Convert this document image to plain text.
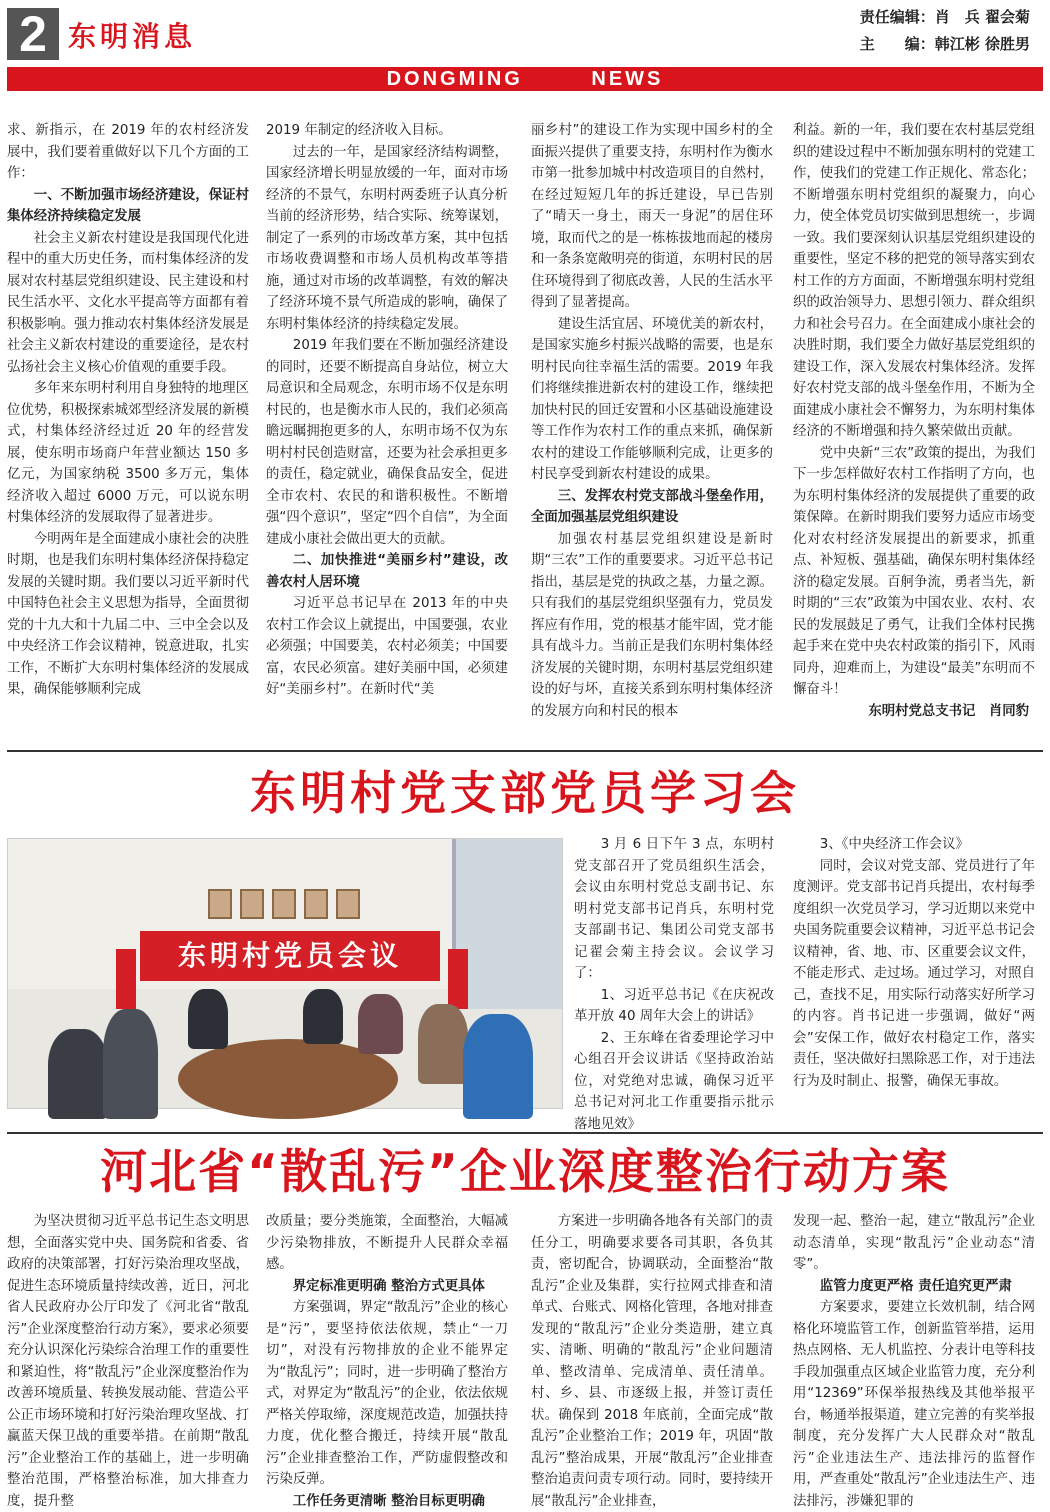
2 东明消息
责任编辑：肖　兵 翟会菊
主　　编：韩江彬 徐胜男
DONGMING NEWS

求、新指示，在 2019 年的农村经济发展中，我们要着重做好以下几个方面的工作：

一、不断加强市场经济建设，保证村集体经济持续稳定发展

社会主义新农村建设是我国现代化进程中的重大历史任务，而村集体经济的发展对农村基层党组织建设、民主建设和村民生活水平、文化水平提高等方面都有着积极影响。强力推动农村集体经济发展是社会主义新农村建设的重要途径，是农村弘扬社会主义核心价值观的重要手段。

多年来东明村利用自身独特的地理区位优势，积极探索城郊型经济发展的新模式，村集体经济经过近 20 年的经营发展，使东明市场商户年营业额达 150 多亿元，为国家纳税 3500 多万元，集体经济收入超过 6000 万元，可以说东明村集体经济的发展取得了显著进步。

今明两年是全面建成小康社会的决胜时期，也是我们东明村集体经济保持稳定发展的关键时期。我们要以习近平新时代中国特色社会主义思想为指导，全面贯彻党的十九大和十九届二中、三中全会以及中央经济工作会议精神，锐意进取，扎实工作，不断扩大东明村集体经济的发展成果，确保能够顺利完成

2019 年制定的经济收入目标。

过去的一年，是国家经济结构调整，国家经济增长明显放缓的一年，面对市场经济的不景气，东明村两委班子认真分析当前的经济形势，结合实际、统筹谋划，制定了一系列的市场改革方案，其中包括市场收费调整和市场人员机构改革等措施，通过对市场的改革调整，有效的解决了经济环境不景气所造成的影响，确保了东明村集体经济的持续稳定发展。

2019 年我们要在不断加强经济建设的同时，还要不断提高自身站位，树立大局意识和全局观念，东明市场不仅是东明村民的，也是衡水市人民的，我们必须高瞻远瞩拥抱更多的人，东明市场不仅为东明村村民创造财富，还要为社会承担更多的责任，稳定就业，确保食品安全，促进全市农村、农民的和谐积极性。不断增强“四个意识”，坚定“四个自信”，为全面建成小康社会做出更大的贡献。

二、加快推进“美丽乡村”建设，改善农村人居环境

习近平总书记早在 2013 年的中央农村工作会议上就提出，中国要强，农业必须强；中国要美，农村必须美；中国要富，农民必须富。建好美丽中国，必须建好“美丽乡村”。在新时代“美

丽乡村”的建设工作为实现中国乡村的全面振兴提供了重要支持，东明村作为衡水市第一批参加城中村改造项目的自然村，在经过短短几年的拆迁建设，早已告别了“晴天一身土，雨天一身泥”的居住环境，取而代之的是一栋栋拔地而起的楼房和一条条宽敞明亮的街道，东明村民的居住环境得到了彻底改善，人民的生活水平得到了显著提高。

建设生活宜居、环境优美的新农村，是国家实施乡村振兴战略的需要，也是东明村民向往幸福生活的需要。2019 年我们将继续推进新农村的建设工作，继续把加快村民的回迁安置和小区基础设施建设等工作作为农村工作的重点来抓，确保新农村的建设工作能够顺利完成，让更多的村民享受到新农村建设的成果。

三、发挥农村党支部战斗堡垒作用，全面加强基层党组织建设

加强农村基层党组织建设是新时期“三农”工作的重要要求。习近平总书记指出，基层是党的执政之基，力量之源。只有我们的基层党组织坚强有力，党员发挥应有作用，党的根基才能牢固，党才能具有战斗力。当前正是我们东明村集体经济发展的关键时期，东明村基层党组织建设的好与坏，直接关系到东明村集体经济的发展方向和村民的根本

利益。新的一年，我们要在农村基层党组织的建设过程中不断加强东明村的党建工作，使我们的党建工作正规化、常态化；不断增强东明村党组织的凝聚力，向心力，使全体党员切实做到思想统一，步调一致。我们要深刻认识基层党组织建设的重要性，坚定不移的把党的领导落实到农村工作的方方面面，不断增强东明村党组织的政治领导力、思想引领力、群众组织力和社会号召力。在全面建成小康社会的决胜时期，我们要全力做好基层党组织的建设工作，深入发展农村集体经济。发挥好农村党支部的战斗堡垒作用，不断为全面建成小康社会不懈努力，为东明村集体经济的不断增强和持久繁荣做出贡献。

党中央新“三农”政策的提出，为我们下一步怎样做好农村工作指明了方向，也为东明村集体经济的发展提供了重要的政策保障。在新时期我们要努力适应市场变化对农村经济发展提出的新要求，抓重点、补短板、强基础，确保东明村集体经济的稳定发展。百舸争流，勇者当先，新时期的“三农”政策为中国农业、农村、农民的发展鼓足了勇气，让我们全体村民携起手来在党中央农村政策的指引下，风雨同舟，迎难而上，为建设“最美”东明而不懈奋斗！

东明村党总支书记　肖同豹

东明村党支部党员学习会
东明村党员会议

3 月 6 日下午 3 点，东明村党支部召开了党员组织生活会，会议由东明村党总支副书记、东明村党支部书记肖兵，东明村党支部副书记、集团公司党支部书记翟会菊主持会议。会议学习了：

1、习近平总书记《在庆祝改革开放 40 周年大会上的讲话》

2、王东峰在省委理论学习中心组召开会议讲话《坚持政治站位，对党绝对忠诚，确保习近平总书记对河北工作重要指示批示落地见效》

3、《中央经济工作会议》

同时，会议对党支部、党员进行了年度测评。党支部书记肖兵提出，农村每季度组织一次党员学习，学习近期以来党中央国务院重要会议精神，习近平总书记会议精神，省、地、市、区重要会议文件，不能走形式、走过场。通过学习，对照自己，查找不足，用实际行动落实好所学习的内容。肖书记进一步强调，做好“两会”安保工作，做好农村稳定工作，落实责任，坚决做好扫黑除恶工作，对于违法行为及时制止、报警，确保无事故。

河北省“散乱污”企业深度整治行动方案

为坚决贯彻习近平总书记生态文明思想，全面落实党中央、国务院和省委、省政府的决策部署，打好污染治理攻坚战，促进生态环境质量持续改善，近日，河北省人民政府办公厅印发了《河北省“散乱污”企业深度整治行动方案》，要求必须要充分认识深化污染综合治理工作的重要性和紧迫性，将“散乱污”企业深度整治作为改善环境质量、转换发展动能、营造公平公正市场环境和打好污染治理攻坚战、打赢蓝天保卫战的重要举措。在前期“散乱污”企业整治工作的基础上，进一步明确整治范围，严格整治标准，加大排查力度，提升整

改质量；要分类施策，全面整治，大幅减少污染物排放，不断提升人民群众幸福感。

界定标准更明确 整治方式更具体

方案强调，界定“散乱污”企业的核心是“污”，要坚持依法依规，禁止“一刀切”，对没有污物排放的企业不能界定为“散乱污”；同时，进一步明确了整治方式，对界定为“散乱污”的企业，依法依规严格关停取缔，深度规范改造，加强扶持力度，优化整合搬迁，持续开展“散乱污”企业排查整治工作，严防虚假整改和污染反弹。

工作任务更清晰 整治目标更明确

方案进一步明确各地各有关部门的责任分工，明确要求要各司其职，各负其责，密切配合，协调联动，全面整治“散乱污”企业及集群，实行拉网式排查和清单式、台账式、网格化管理，各地对排查发现的“散乱污”企业分类造册，建立真实、清晰、明确的“散乱污”企业问题清单、整改清单、完成清单、责任清单。村、乡、县、市逐级上报，并签订责任状。确保到 2018 年底前，全面完成“散乱污”企业整治工作；2019 年，巩固“散乱污”整治成果，开展“散乱污”企业排查整治追责问责专项行动。同时，要持续开展“散乱污”企业排查，

发现一起、整治一起，建立“散乱污”企业动态清单，实现“散乱污”企业动态“清零”。

监管力度更严格 责任追究更严肃

方案要求，要建立长效机制，结合网格化环境监管工作，创新监管举措，运用热点网格、无人机监控、分表计电等科技手段加强重点区域企业监管力度，充分利用“12369”环保举报热线及其他举报平台，畅通举报渠道，建立完善的有奖举报制度，充分发挥广大人民群众对“散乱污”企业违法生产、违法排污的监督作用，严查重处“散乱污”企业违法生产、违法排污，涉嫌犯罪的
